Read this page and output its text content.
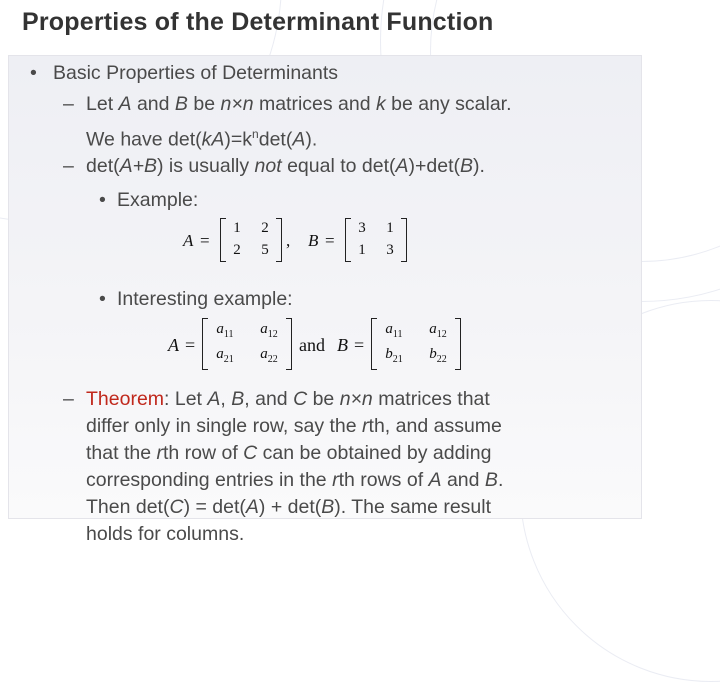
Properties of the Determinant Function
• Basic Properties of Determinants
– Let A and B be n×n matrices and k be any scalar.
We have $\det(kA)=k^n\det(A)$.
– det(A+B) is usually not equal to det(A)+det(B).
• Example:
A =
1 2
2 5 , B =
3 1
1 3
• Interesting example:
A =
$a_{11}$	$a_{12}$
$a_{21}$	$a_{22}$
and B =
$a_{11}$	$a_{12}$
$b_{21}$	$b_{22}$
– Theorem: Let A, B, and C be n×n matrices that
differ only in single row, say the rth, and assume
that the rth row of C can be obtained by adding
corresponding entries in the rth rows of A and B.
Then det(C) = det(A) + det(B). The same result
holds for columns.
